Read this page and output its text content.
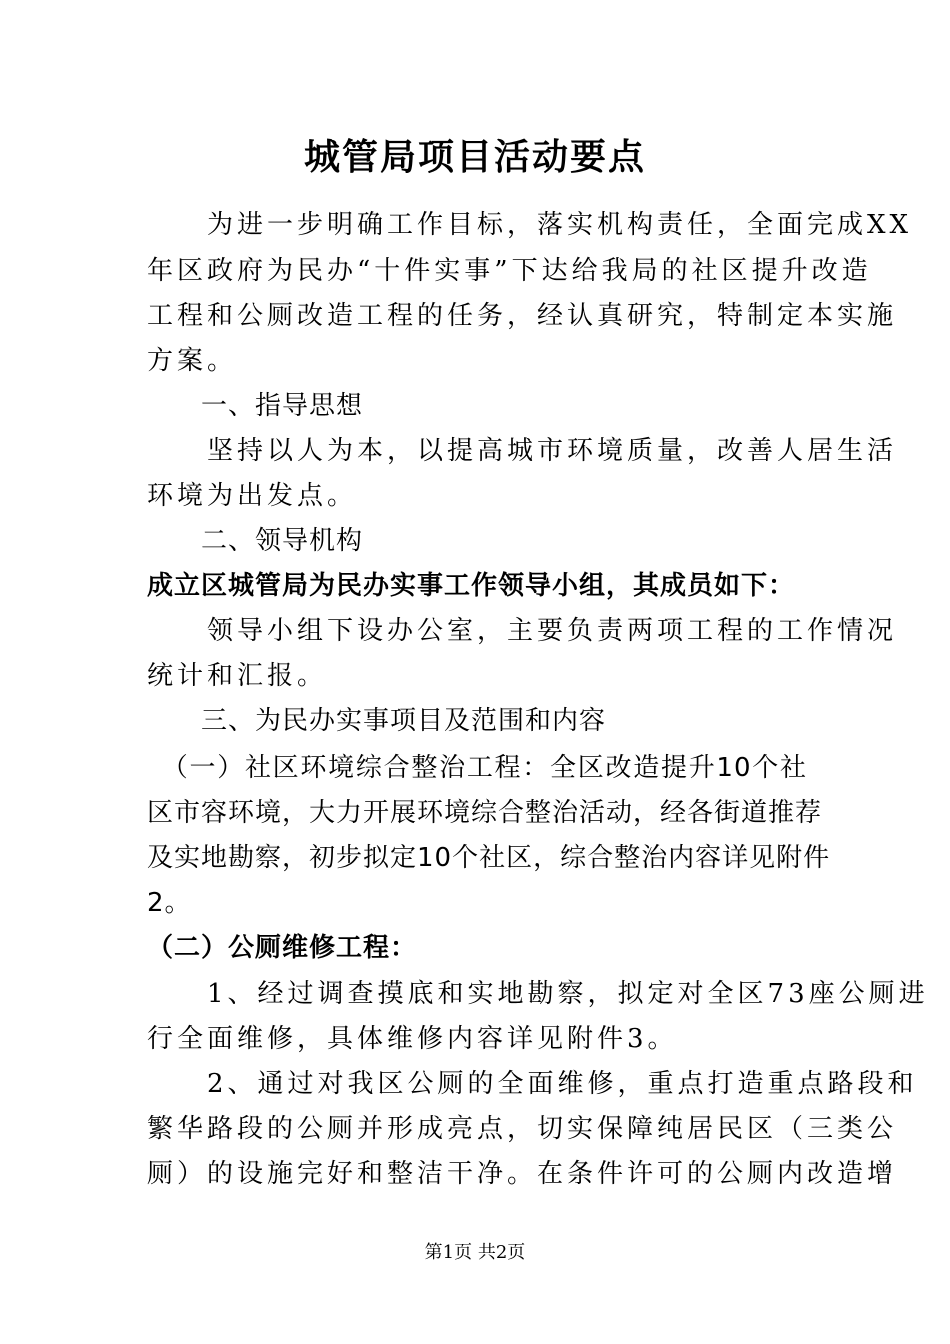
城管局项目活动要点
　　为进一步明确工作目标，落实机构责任，全面完成XX
年区政府为民办“十件实事”下达给我局的社区提升改造
工程和公厕改造工程的任务，经认真研究，特制定本实施
方案。
　　一、指导思想
　　坚持以人为本，以提高城市环境质量，改善人居生活
环境为出发点。
　　二、领导机构
成立区城管局为民办实事工作领导小组，其成员如下：
　　领导小组下设办公室，主要负责两项工程的工作情况
统计和汇报。
　　三、为民办实事项目及范围和内容
　（一）社区环境综合整治工程：全区改造提升10个社
区市容环境，大力开展环境综合整治活动，经各街道推荐
及实地勘察，初步拟定10个社区，综合整治内容详见附件
2。
（二）公厕维修工程：
　　1、经过调查摸底和实地勘察，拟定对全区73座公厕进
行全面维修，具体维修内容详见附件3。
　　2、通过对我区公厕的全面维修，重点打造重点路段和
繁华路段的公厕并形成亮点，切实保障纯居民区（三类公
厕）的设施完好和整洁干净。在条件许可的公厕内改造增
第1页 共2页
